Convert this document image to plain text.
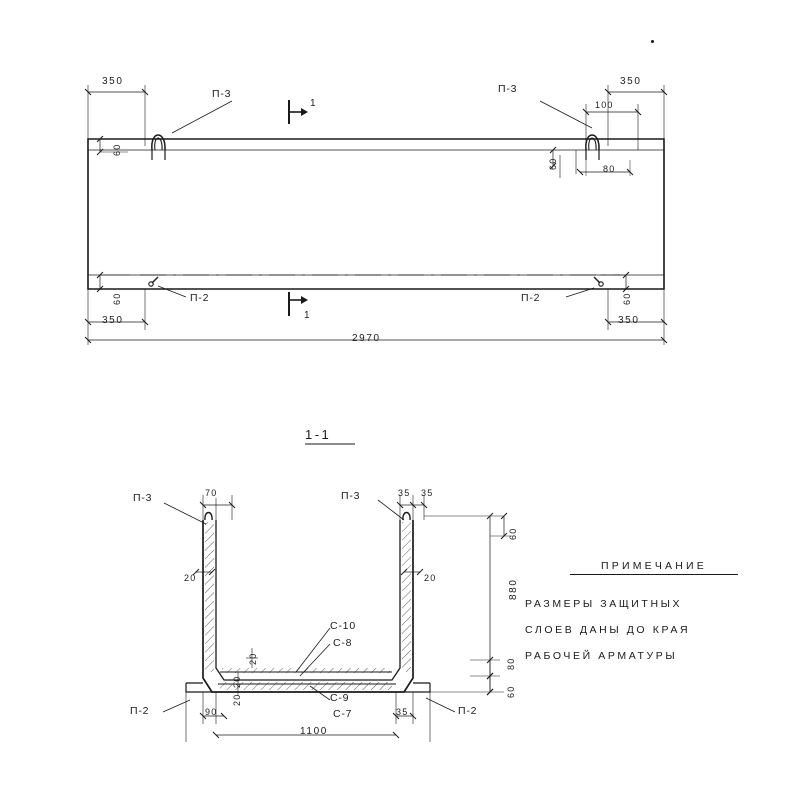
350	350
350	350
2970
П-3	П-3
П-2	П-2
1
1
60
60
60
60
100
80
1-1
П-3	П-3
П-2	П-2
С-10
С-8
С-9
С-7
70	35 35
20	20
20
20
20
90	35
1100
880
60
80
60
ПРИМЕЧАНИЕ
РАЗМЕРЫ ЗАЩИТНЫХ
СЛОЕВ ДАНЫ ДО КРАЯ
РАБОЧЕЙ АРМАТУРЫ
